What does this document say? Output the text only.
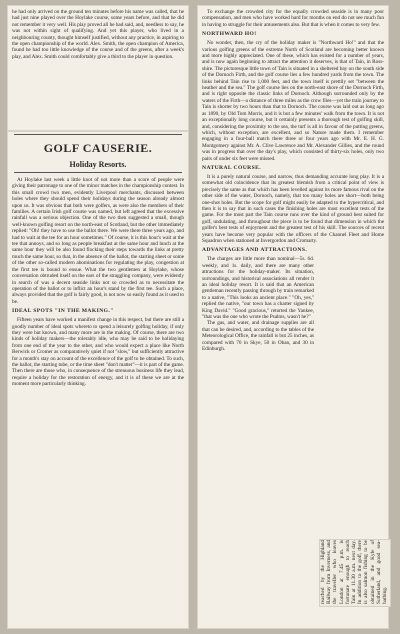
he had only arrived on the ground ten minutes before his name was called, that he had just nine played over the Hoylake course, some years before, and that he did not remember it very well. His play proved all he had said, and, needless to say, he was not within sight of qualifying. And yet this player, who lived in a neighbouring county, thought himself justified, without any practice, in aspiring to the open championship of the world. Alex. Smith, the open champion of America, found he had too little knowledge of the course and of the greens, after a week's play, and Alex. Smith could comfortably give a third to the player in question.

GOLF CAUSERIE.
Holiday Resorts.

At Hoylake last week a little knot of not more than a score of people were giving their patronage to one of the minor matches in the championship contest. In this small crowd two men, evidently Liverpool merchants, discussed between holes where they should spend their holidays during the season already almost upon us. It was obvious that both were golfers, as were also the members of their families. A certain Irish golf course was named, but left agreed that the excessive rainfall was a serious objection. One of the two then suggested a small, though well-known golfing resort on the north-east of Scotland, but the other immediately replied: "Oh! they have to use the ballot there. We were there three years ago, and had to wait at the tee for an hour sometimes." Of course, it is this hour's wait at the tee that annoys, and so long as people breakfast at the same hour and lunch at the same hour they will be also found flocking their steps towards the links at pretty much the same hour, so that, in the absence of the ballot, the starting sheet or some of the other so-called modern abominations for regulating the play, congestion at the first tee is bound to ensue. What the two gentlemen at Hoylake, whose conversation obtruded itself on the ears of the straggling company, were evidently in search of was a decent seaside links not so crowded as to necessitate the operation of the ballot or to inflict an hour's stand by the first tee. Such a place, always provided that the golf is fairly good, is not now so easily found as it used to be.

IDEAL SPOTS "IN THE MAKING."

Fifteen years have worked a manifest change in this respect, but there are still a goodly number of ideal spots whereto to spend a leisurely golfing holiday, if only they were but known, and many more are in the making. Of course, there are two kinds of holiday makers—the tolerably idle, who may be said to be holidaying from one end of the year to the other, and who would expect a place like North Berwick or Cromer as comparatively quiet if not "slow," but sufficiently attractive for a month's stay on account of the excellence of the golf to be obtained. To such, the ballot, the starting tube, or the time sheet "don't matter"—it is part of the game. Then there are those who, in consequence of the strenuous business life they lead, require a holiday for the restoration of energy, and it is of these we are at the moment more particularly thinking.

To exchange the crowded city for the equally crowded seaside is in many poor compensation, and men who have worked hard for months on end do not see much fun in having to struggle for their amusements also. But that is when it comes to very few.

NORTHWARD HO!

No wonder, then, the cry of the holiday maker is "Northward Ho!" and that the various golfing greens of the extreme North of Scotland are becoming better known and more highly appreciated. One of these, which has existed for a number of years, and is now again beginning to attract the attention it deserves, is that of Tain, in Ross-shire. The picturesque little town of Tain is situated in a sheltered bay on the south side of the Dornoch Firth, and the golf course lies a few hundred yards from the town. The links behind Tain rise to 1,000 feet, and the town itself is prettily set "between the heather and the sea." The golf course lies on the north-east shore of the Dornoch Firth, and is right opposite the classic links of Dornoch. Although surrounded only by the waters of the Firth—a distance of three miles as the crow flies—yet the train journey to Tain is shorter by two hours than that to Dornoch. The course was laid out as long ago as 1890, by Old Tom Morris, and it is but a few minutes' walk from the town. It is not an exceptionally long course, but it certainly presents a thorough test of golfing skill, and, considering the proximity to the sea, the turf is all in favour of the putting greens, which, without exception, are excellent, and so Nature made them. I remember engaging in a four-ball match there three or four years ago with Mr. E. H. G. Montgomery against Mr. A. Clive Lawrence and Mr. Alexander Gillies, and the round was in progress that over the day's play, which consisted of thirty-six holes, only two pairs of under six feet were missed.

NATURAL COURSE.

It is a purely natural course, and narrow, thus demanding accurate long play. It is a somewhat old coincidence that its greatest blemish from a critical point of view is precisely the same as that which has been levelled against its more famous rival on the other side of the water, Dornoch, namely, that too many holes are short—both being one-shot holes. But the scope for golf might easily be adapted to the hypercritical, and then it is to say that in such cases the finishing holes are most excellent tests of the game. For the most part the Tain course runs over the kind of ground best suited for golf, undulating, and throughout the piece is to be found that dimension in which the golfer's best tests of enjoyment and the greatest test of his skill. The sources of recent years have become very popular with the officers of the Channel Fleet and Home Squadron when stationed at Invergordon and Cromarty.

ADVANTAGES AND ATTRACTIONS.

The charges are little more than nominal—5s. 6d. weekly, and 1s. daily, and there are many other attractions for the holiday-maker. Its situation, surroundings, and historical associations all render it an ideal holiday resort. It is said that an American gentleman recently passing through by train remarked to a native, "This looks an ancient place." "Oh, yes," replied the native, "our town has a charter signed by King David." "Good gracious," retorted the Yankee, "that was the one who wrote the Psalms, wasn't he?"

The gas, and water, and drainage supplies are all that can be desired, and, according to the tables of the Meteorological Office, the rainfall is but 25 inches, as compared with 70 in Skye, 50 in Oban, and 30 in Edinburgh.

reached by the Highland Railway from Inverness, and the traveller who leaves London at 7.45 p.m. is fortunate enough to reach Tain at 11.30 a.m. next day. In addition to the golf, there is also salmon fishing to be obtained in the Kyle of Sutherland, and good sea-bathing.
